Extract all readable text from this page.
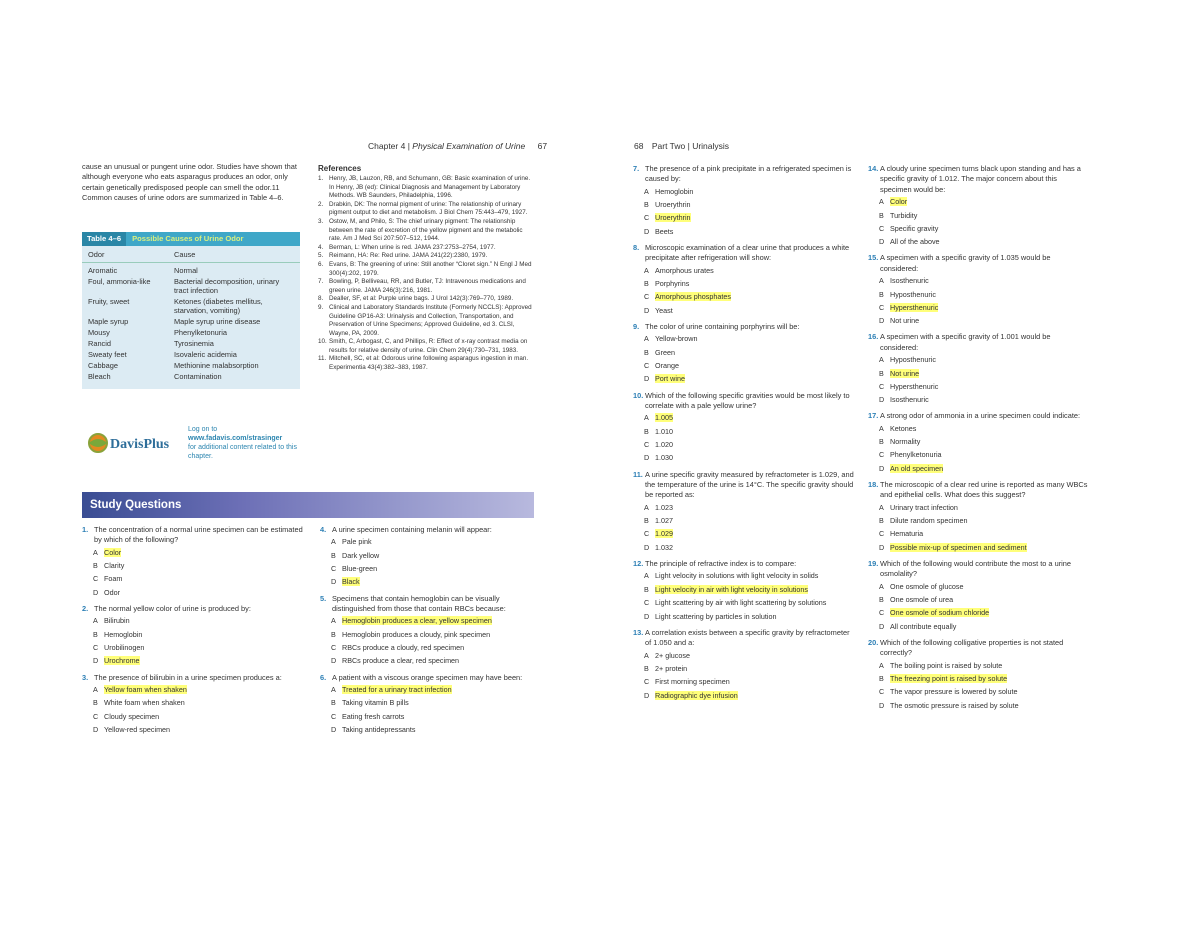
Chapter 4 | Physical Examination of Urine 67
cause an unusual or pungent urine odor. Studies have shown that although everyone who eats asparagus produces an odor, only certain genetically predisposed people can smell the odor.11 Common causes of urine odors are summarized in Table 4–6.
Table 4–6 Possible Causes of Urine Odor
Odor	Cause
Aromatic	Normal
Foul, ammonia-like	Bacterial decomposition, urinary tract infection
Fruity, sweet	Ketones (diabetes mellitus, starvation, vomiting)
Maple syrup	Maple syrup urine disease
Mousy	Phenylketonuria
Rancid	Tyrosinemia
Sweaty feet	Isovaleric acidemia
Cabbage	Methionine malabsorption
Bleach	Contamination
DavisPlus
Log on to
www.fadavis.com/strasinger
for additional content related to this chapter.
References
1. Henry, JB, Lauzon, RB, and Schumann, GB: Basic examination of urine. In Henry, JB (ed): Clinical Diagnosis and Management by Laboratory Methods. WB Saunders, Philadelphia, 1996.
2. Drabkin, DK: The normal pigment of urine: The relationship of urinary pigment output to diet and metabolism. J Biol Chem 75:443–479, 1927.
3. Ostow, M, and Philo, S: The chief urinary pigment: The relationship between the rate of excretion of the yellow pigment and the metabolic rate. Am J Med Sci 207:507–512, 1944.
4. Berman, L: When urine is red. JAMA 237:2753–2754, 1977.
5. Reimann, HA: Re: Red urine. JAMA 241(22):2380, 1979.
6. Evans, B: The greening of urine: Still another “Cloret sign.” N Engl J Med 300(4):202, 1979.
7. Bowling, P, Belliveau, RR, and Butler, TJ: Intravenous medications and green urine. JAMA 246(3):216, 1981.
8. Dealler, SF, et al: Purple urine bags. J Urol 142(3):769–770, 1989.
9. Clinical and Laboratory Standards Institute (Formerly NCCLS): Approved Guideline GP16-A3: Urinalysis and Collection, Transportation, and Preservation of Urine Specimens; Approved Guideline, ed 3. CLSI, Wayne, PA, 2009.
10. Smith, C, Arbogast, C, and Phillips, R: Effect of x-ray contrast media on results for relative density of urine. Clin Chem 29(4):730–731, 1983.
11. Mitchell, SC, et al: Odorous urine following asparagus ingestion in man. Experimentia 43(4):382–383, 1987.
Study Questions
1. The concentration of a normal urine specimen can be estimated by which of the following?
A Color
B Clarity
C Foam
D Odor
2. The normal yellow color of urine is produced by:
A Bilirubin
B Hemoglobin
C Urobilinogen
D Urochrome
3. The presence of bilirubin in a urine specimen produces a:
A Yellow foam when shaken
B White foam when shaken
C Cloudy specimen
D Yellow-red specimen
4. A urine specimen containing melanin will appear:
A Pale pink
B Dark yellow
C Blue-green
D Black
5. Specimens that contain hemoglobin can be visually distinguished from those that contain RBCs because:
A Hemoglobin produces a clear, yellow specimen
B Hemoglobin produces a cloudy, pink specimen
C RBCs produce a cloudy, red specimen
D RBCs produce a clear, red specimen
6. A patient with a viscous orange specimen may have been:
A Treated for a urinary tract infection
B Taking vitamin B pills
C Eating fresh carrots
D Taking antidepressants
68 Part Two | Urinalysis
7. The presence of a pink precipitate in a refrigerated specimen is caused by:
A Hemoglobin
B Uroerythrin
C Uroerythrin
D Beets
8. Microscopic examination of a clear urine that produces a white precipitate after refrigeration will show:
A Amorphous urates
B Porphyrins
C Amorphous phosphates
D Yeast
9. The color of urine containing porphyrins will be:
A Yellow-brown
B Green
C Orange
D Port wine
10. Which of the following specific gravities would be most likely to correlate with a pale yellow urine?
A 1.005
B 1.010
C 1.020
D 1.030
11. A urine specific gravity measured by refractometer is 1.029, and the temperature of the urine is 14°C. The specific gravity should be reported as:
A 1.023
B 1.027
C 1.029
D 1.032
12. The principle of refractive index is to compare:
A Light velocity in solutions with light velocity in solids
B Light velocity in air with light velocity in solutions
C Light scattering by air with light scattering by solutions
D Light scattering by particles in solution
13. A correlation exists between a specific gravity by refractometer of 1.050 and a:
A 2+ glucose
B 2+ protein
C First morning specimen
D Radiographic dye infusion
14. A cloudy urine specimen turns black upon standing and has a specific gravity of 1.012. The major concern about this specimen would be:
A Color
B Turbidity
C Specific gravity
D All of the above
15. A specimen with a specific gravity of 1.035 would be considered:
A Isosthenuric
B Hyposthenuric
C Hypersthenuric
D Not urine
16. A specimen with a specific gravity of 1.001 would be considered:
A Hyposthenuric
B Not urine
C Hypersthenuric
D Isosthenuric
17. A strong odor of ammonia in a urine specimen could indicate:
A Ketones
B Normality
C Phenylketonuria
D An old specimen
18. The microscopic of a clear red urine is reported as many WBCs and epithelial cells. What does this suggest?
A Urinary tract infection
B Dilute random specimen
C Hematuria
D Possible mix-up of specimen and sediment
19. Which of the following would contribute the most to a urine osmolality?
A One osmole of glucose
B One osmole of urea
C One osmole of sodium chloride
D All contribute equally
20. Which of the following colligative properties is not stated correctly?
A The boiling point is raised by solute
B The freezing point is raised by solute
C The vapor pressure is lowered by solute
D The osmotic pressure is raised by solute
